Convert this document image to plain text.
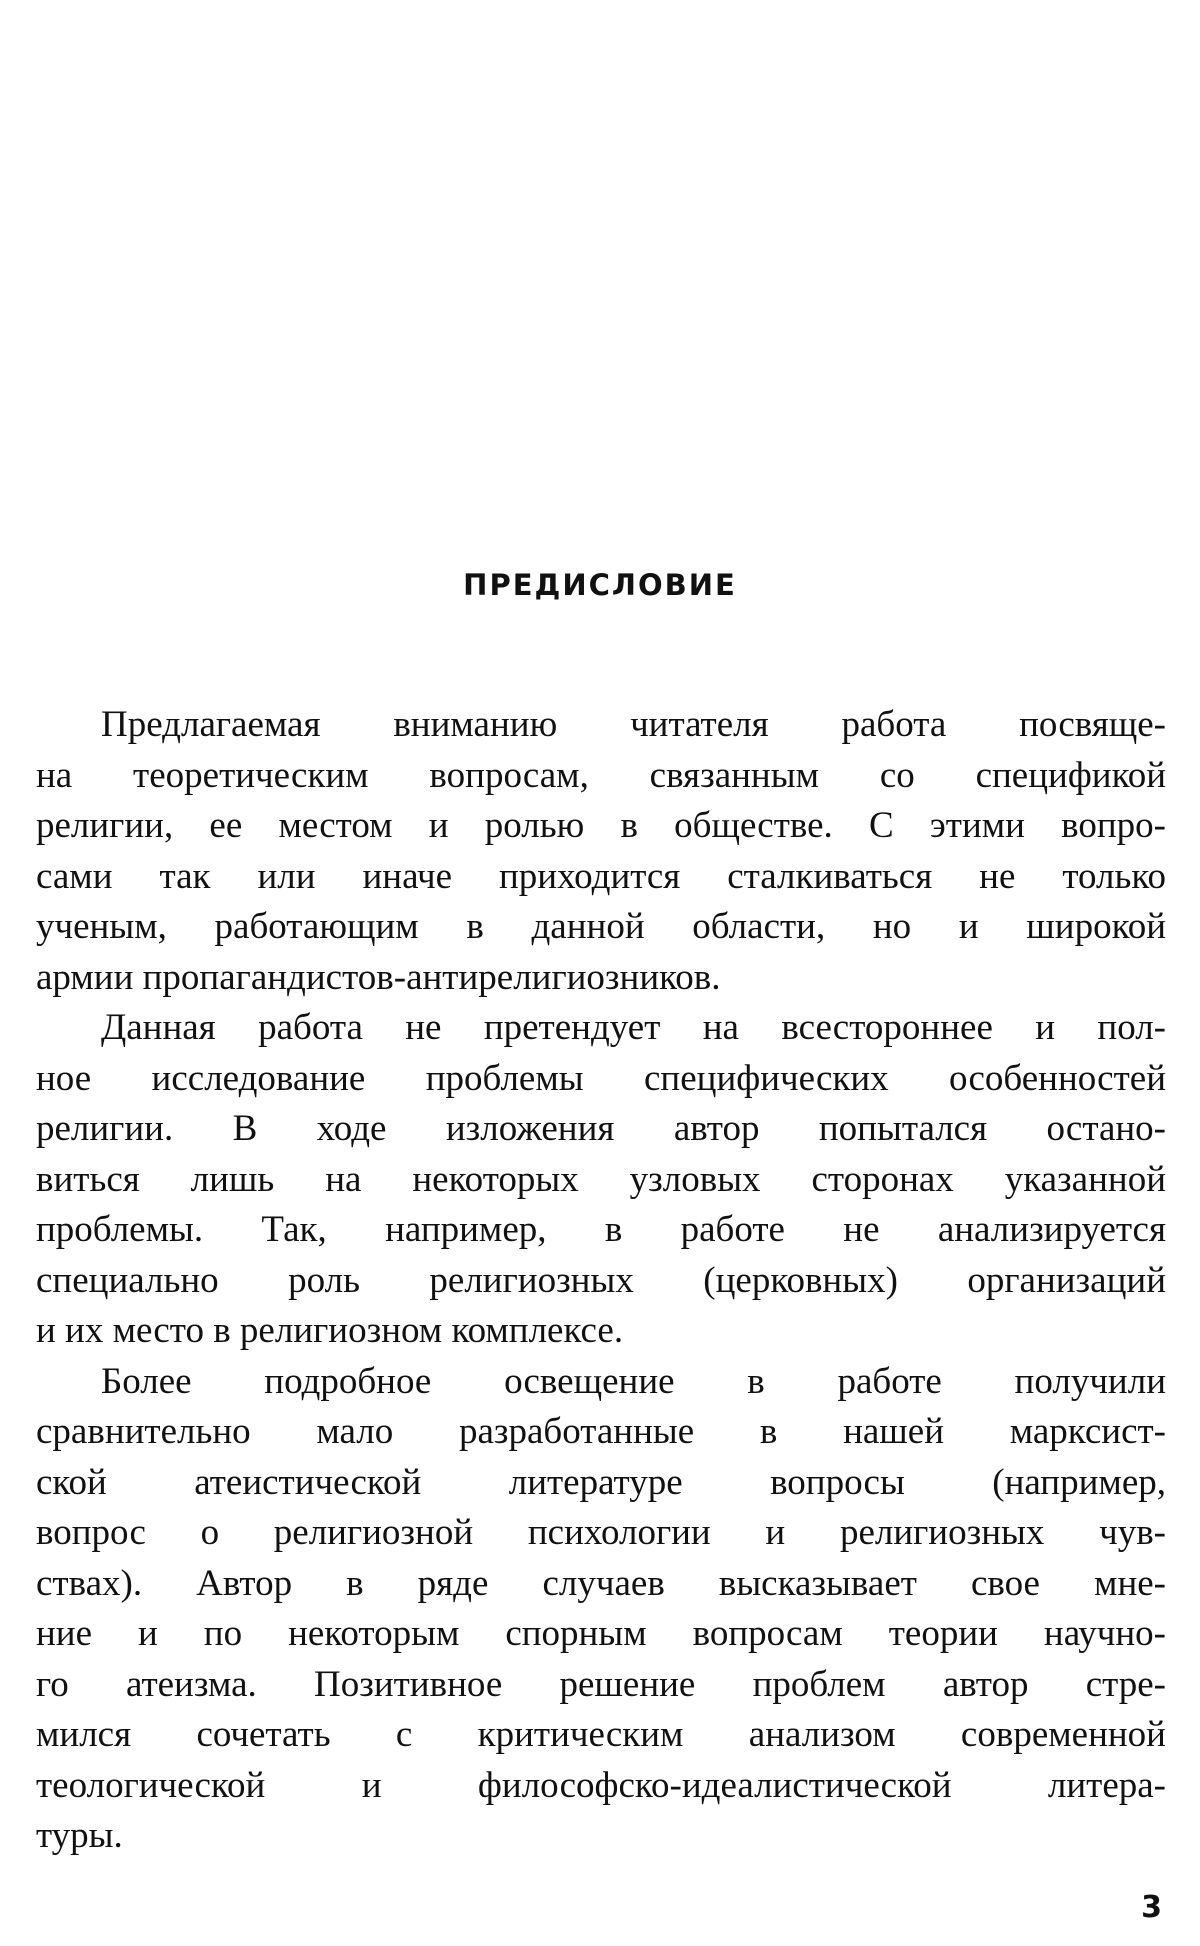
ПРЕДИСЛОВИЕ

Предлагаемая вниманию читателя работа посвяще-
на теоретическим вопросам, связанным со спецификой
религии, ее местом и ролью в обществе. С этими вопро-
сами так или иначе приходится сталкиваться не только
ученым, работающим в данной области, но и широкой
армии пропагандистов-антирелигиозников.

Данная работа не претендует на всестороннее и пол-
ное исследование проблемы специфических особенностей
религии. В ходе изложения автор попытался остано-
виться лишь на некоторых узловых сторонах указанной
проблемы. Так, например, в работе не анализируется
специально роль религиозных (церковных) организаций
и их место в религиозном комплексе.

Более подробное освещение в работе получили
сравнительно мало разработанные в нашей марксист-
ской атеистической литературе вопросы (например,
вопрос о религиозной психологии и религиозных чув-
ствах). Автор в ряде случаев высказывает свое мне-
ние и по некоторым спорным вопросам теории научно-
го атеизма. Позитивное решение проблем автор стре-
мился сочетать с критическим анализом современной
теологической и философско-идеалистической литера-
туры.

3
